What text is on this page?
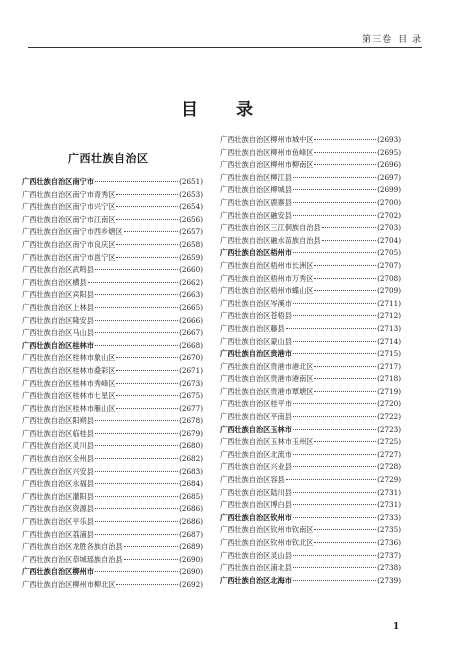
第三卷 目 录
目 录
广西壮族自治区
广西壮族自治区南宁市	(2651)
广西壮族自治区南宁市青秀区	(2653)
广西壮族自治区南宁市兴宁区	(2654)
广西壮族自治区南宁市江南区	(2656)
广西壮族自治区南宁市西乡塘区	(2657)
广西壮族自治区南宁市良庆区	(2658)
广西壮族自治区南宁市邕宁区	(2659)
广西壮族自治区武鸣县	(2660)
广西壮族自治区横县	(2662)
广西壮族自治区宾阳县	(2663)
广西壮族自治区上林县	(2665)
广西壮族自治区隆安县	(2666)
广西壮族自治区马山县	(2667)
广西壮族自治区桂林市	(2668)
广西壮族自治区桂林市象山区	(2670)
广西壮族自治区桂林市叠彩区	(2671)
广西壮族自治区桂林市秀峰区	(2673)
广西壮族自治区桂林市七星区	(2675)
广西壮族自治区桂林市雁山区	(2677)
广西壮族自治区阳朔县	(2678)
广西壮族自治区临桂县	(2679)
广西壮族自治区灵川县	(2680)
广西壮族自治区全州县	(2682)
广西壮族自治区兴安县	(2683)
广西壮族自治区永福县	(2684)
广西壮族自治区灌阳县	(2685)
广西壮族自治区资源县	(2686)
广西壮族自治区平乐县	(2686)
广西壮族自治区荔浦县	(2687)
广西壮族自治区龙胜各族自治县	(2689)
广西壮族自治区恭城瑶族自治县	(2690)
广西壮族自治区柳州市	(2690)
广西壮族自治区柳州市柳北区	(2692)
广西壮族自治区柳州市城中区	(2693)
广西壮族自治区柳州市鱼峰区	(2695)
广西壮族自治区柳州市柳南区	(2696)
广西壮族自治区柳江县	(2697)
广西壮族自治区柳城县	(2699)
广西壮族自治区鹿寨县	(2700)
广西壮族自治区融安县	(2702)
广西壮族自治区三江侗族自治县	(2703)
广西壮族自治区融水苗族自治县	(2704)
广西壮族自治区梧州市	(2705)
广西壮族自治区梧州市长洲区	(2707)
广西壮族自治区梧州市万秀区	(2708)
广西壮族自治区梧州市蝶山区	(2709)
广西壮族自治区岑溪市	(2711)
广西壮族自治区苍梧县	(2712)
广西壮族自治区藤县	(2713)
广西壮族自治区蒙山县	(2714)
广西壮族自治区贵港市	(2715)
广西壮族自治区贵港市港北区	(2717)
广西壮族自治区贵港市港南区	(2718)
广西壮族自治区贵港市覃塘区	(2719)
广西壮族自治区桂平市	(2720)
广西壮族自治区平南县	(2722)
广西壮族自治区玉林市	(2723)
广西壮族自治区玉林市玉州区	(2725)
广西壮族自治区北流市	(2727)
广西壮族自治区兴业县	(2728)
广西壮族自治区容县	(2729)
广西壮族自治区陆川县	(2731)
广西壮族自治区博白县	(2731)
广西壮族自治区钦州市	(2733)
广西壮族自治区钦州市钦南区	(2735)
广西壮族自治区钦州市钦北区	(2736)
广西壮族自治区灵山县	(2737)
广西壮族自治区浦北县	(2738)
广西壮族自治区北海市	(2739)
1
